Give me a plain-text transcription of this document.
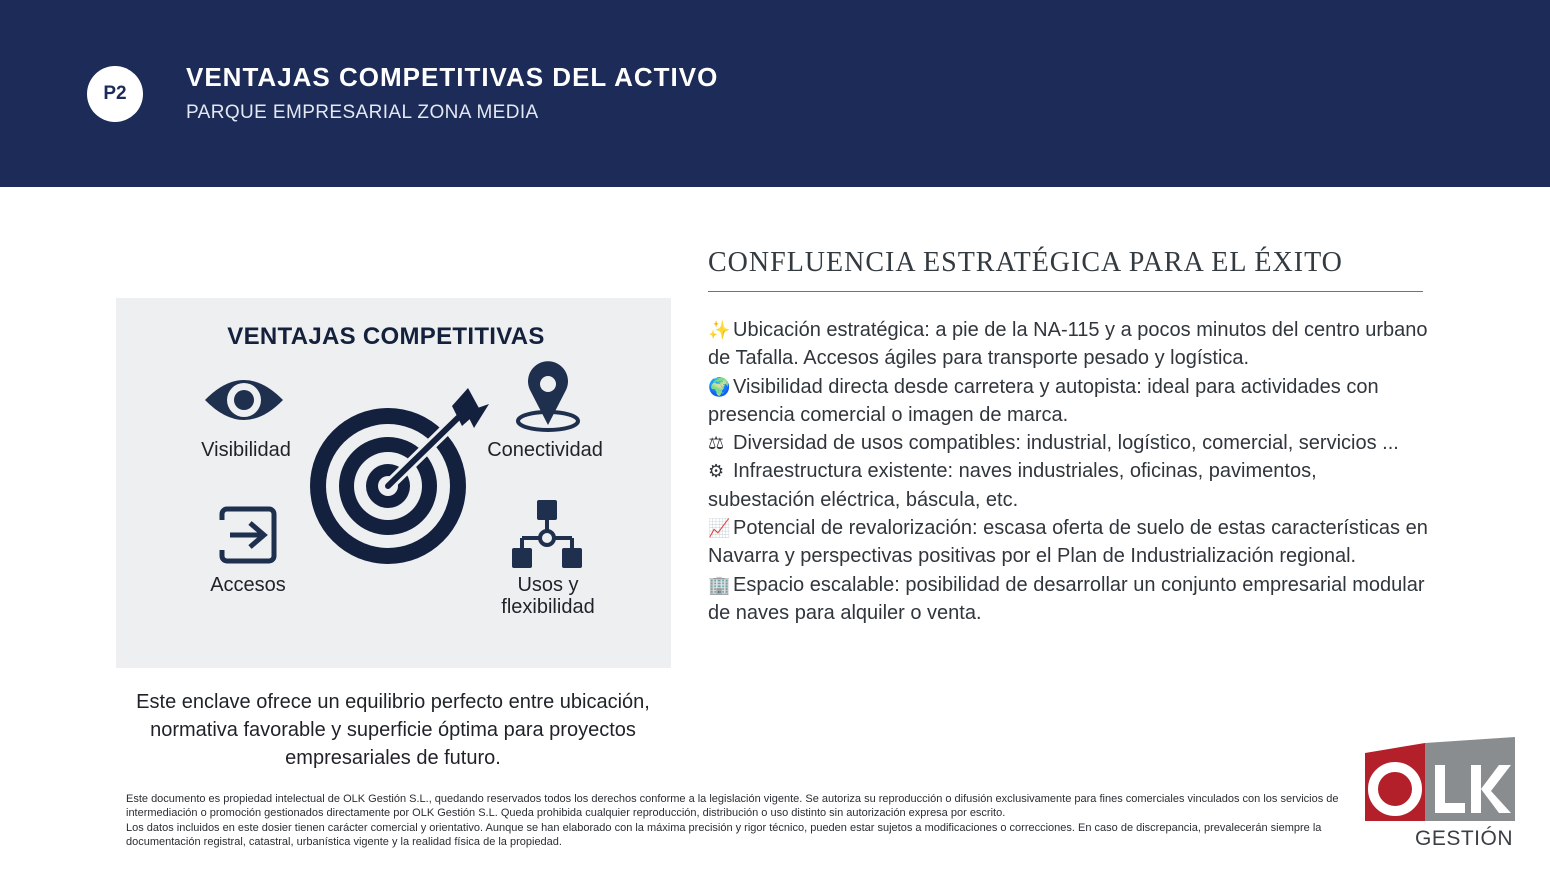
P2
VENTAJAS COMPETITIVAS DEL ACTIVO
PARQUE EMPRESARIAL ZONA MEDIA
VENTAJAS COMPETITIVAS
Visibilidad	Conectividad
Accesos	Usos y
flexibilidad
Este enclave ofrece un equilibrio perfecto entre ubicación, normativa favorable y superficie óptima para proyectos empresariales de futuro.
CONFLUENCIA ESTRATÉGICA PARA EL ÉXITO
✨ Ubicación estratégica: a pie de la NA-115 y a pocos minutos del centro urbano de Tafalla. Accesos ágiles para transporte pesado y logística.
🌍 Visibilidad directa desde carretera y autopista: ideal para actividades con presencia comercial o imagen de marca.
⚖ Diversidad de usos compatibles: industrial, logístico, comercial, servicios ...
⚙ Infraestructura existente: naves industriales, oficinas, pavimentos, subestación eléctrica, báscula, etc.
📈 Potencial de revalorización: escasa oferta de suelo de estas características en Navarra y perspectivas positivas por el Plan de Industrialización regional.
🏢 Espacio escalable: posibilidad de desarrollar un conjunto empresarial modular de naves para alquiler o venta.
Este documento es propiedad intelectual de OLK Gestión S.L., quedando reservados todos los derechos conforme a la legislación vigente. Se autoriza su reproducción o difusión exclusivamente para fines comerciales vinculados con los servicios de intermediación o promoción gestionados directamente por OLK Gestión S.L. Queda prohibida cualquier reproducción, distribución o uso distinto sin autorización expresa por escrito.
Los datos incluidos en este dosier tienen carácter comercial y orientativo. Aunque se han elaborado con la máxima precisión y rigor técnico, pueden estar sujetos a modificaciones o correcciones. En caso de discrepancia, prevalecerán siempre la documentación registral, catastral, urbanística vigente y la realidad física de la propiedad.	GESTIÓN
